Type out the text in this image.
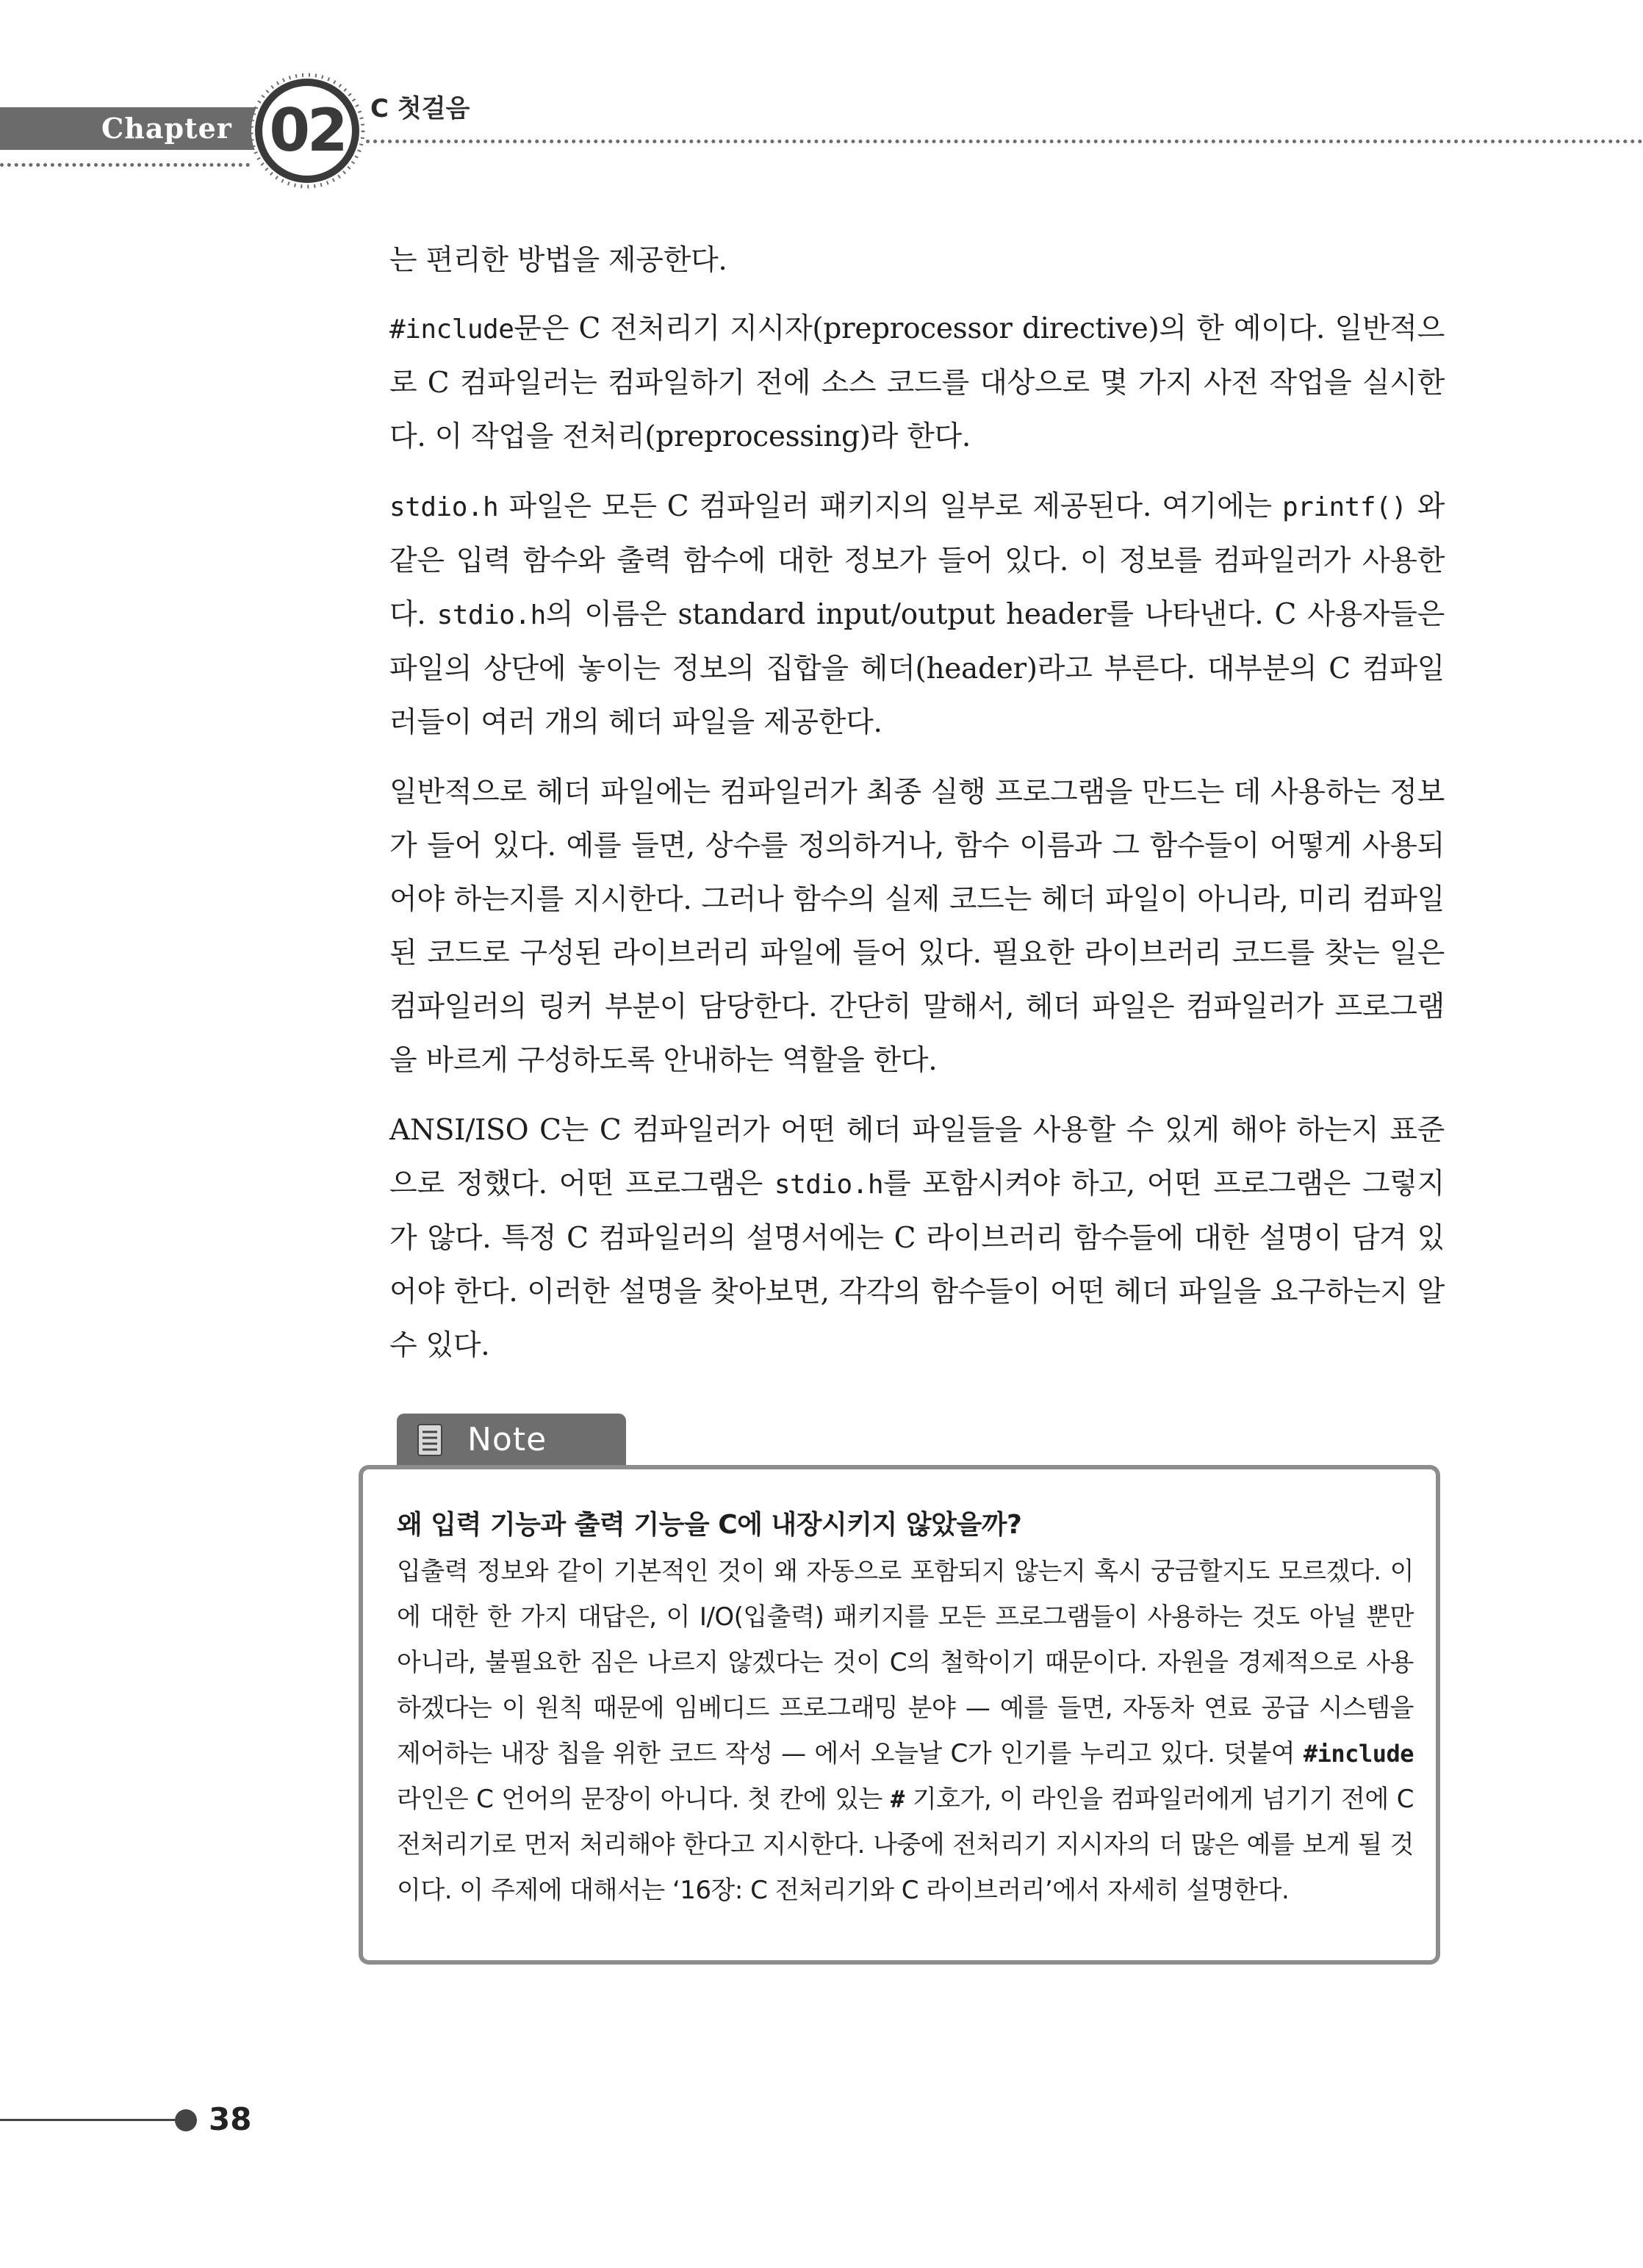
Chapter 02	C 첫걸음

는 편리한 방법을 제공한다.

#include문은 C 전처리기 지시자(preprocessor directive)의 한 예이다. 일반적으로 C 컴파일러는 컴파일하기 전에 소스 코드를 대상으로 몇 가지 사전 작업을 실시한다. 이 작업을 전처리(preprocessing)라 한다.

stdio.h 파일은 모든 C 컴파일러 패키지의 일부로 제공된다. 여기에는 printf() 와 같은 입력 함수와 출력 함수에 대한 정보가 들어 있다. 이 정보를 컴파일러가 사용한다. stdio.h의 이름은 standard input/output header를 나타낸다. C 사용자들은 파일의 상단에 놓이는 정보의 집합을 헤더(header)라고 부른다. 대부분의 C 컴파일러들이 여러 개의 헤더 파일을 제공한다.

일반적으로 헤더 파일에는 컴파일러가 최종 실행 프로그램을 만드는 데 사용하는 정보가 들어 있다. 예를 들면, 상수를 정의하거나, 함수 이름과 그 함수들이 어떻게 사용되어야 하는지를 지시한다. 그러나 함수의 실제 코드는 헤더 파일이 아니라, 미리 컴파일된 코드로 구성된 라이브러리 파일에 들어 있다. 필요한 라이브러리 코드를 찾는 일은 컴파일러의 링커 부분이 담당한다. 간단히 말해서, 헤더 파일은 컴파일러가 프로그램을 바르게 구성하도록 안내하는 역할을 한다.

ANSI/ISO C는 C 컴파일러가 어떤 헤더 파일들을 사용할 수 있게 해야 하는지 표준으로 정했다. 어떤 프로그램은 stdio.h를 포함시켜야 하고, 어떤 프로그램은 그렇지가 않다. 특정 C 컴파일러의 설명서에는 C 라이브러리 함수들에 대한 설명이 담겨 있어야 한다. 이러한 설명을 찾아보면, 각각의 함수들이 어떤 헤더 파일을 요구하는지 알 수 있다.

Note

왜 입력 기능과 출력 기능을 C에 내장시키지 않았을까?

입출력 정보와 같이 기본적인 것이 왜 자동으로 포함되지 않는지 혹시 궁금할지도 모르겠다. 이에 대한 한 가지 대답은, 이 I/O(입출력) 패키지를 모든 프로그램들이 사용하는 것도 아닐 뿐만 아니라, 불필요한 짐은 나르지 않겠다는 것이 C의 철학이기 때문이다. 자원을 경제적으로 사용하겠다는 이 원칙 때문에 임베디드 프로그래밍 분야 — 예를 들면, 자동차 연료 공급 시스템을 제어하는 내장 칩을 위한 코드 작성 — 에서 오늘날 C가 인기를 누리고 있다. 덧붙여 #include 라인은 C 언어의 문장이 아니다. 첫 칸에 있는 # 기호가, 이 라인을 컴파일러에게 넘기기 전에 C 전처리기로 먼저 처리해야 한다고 지시한다. 나중에 전처리기 지시자의 더 많은 예를 보게 될 것이다. 이 주제에 대해서는 ‘16장: C 전처리기와 C 라이브러리’에서 자세히 설명한다.

38
